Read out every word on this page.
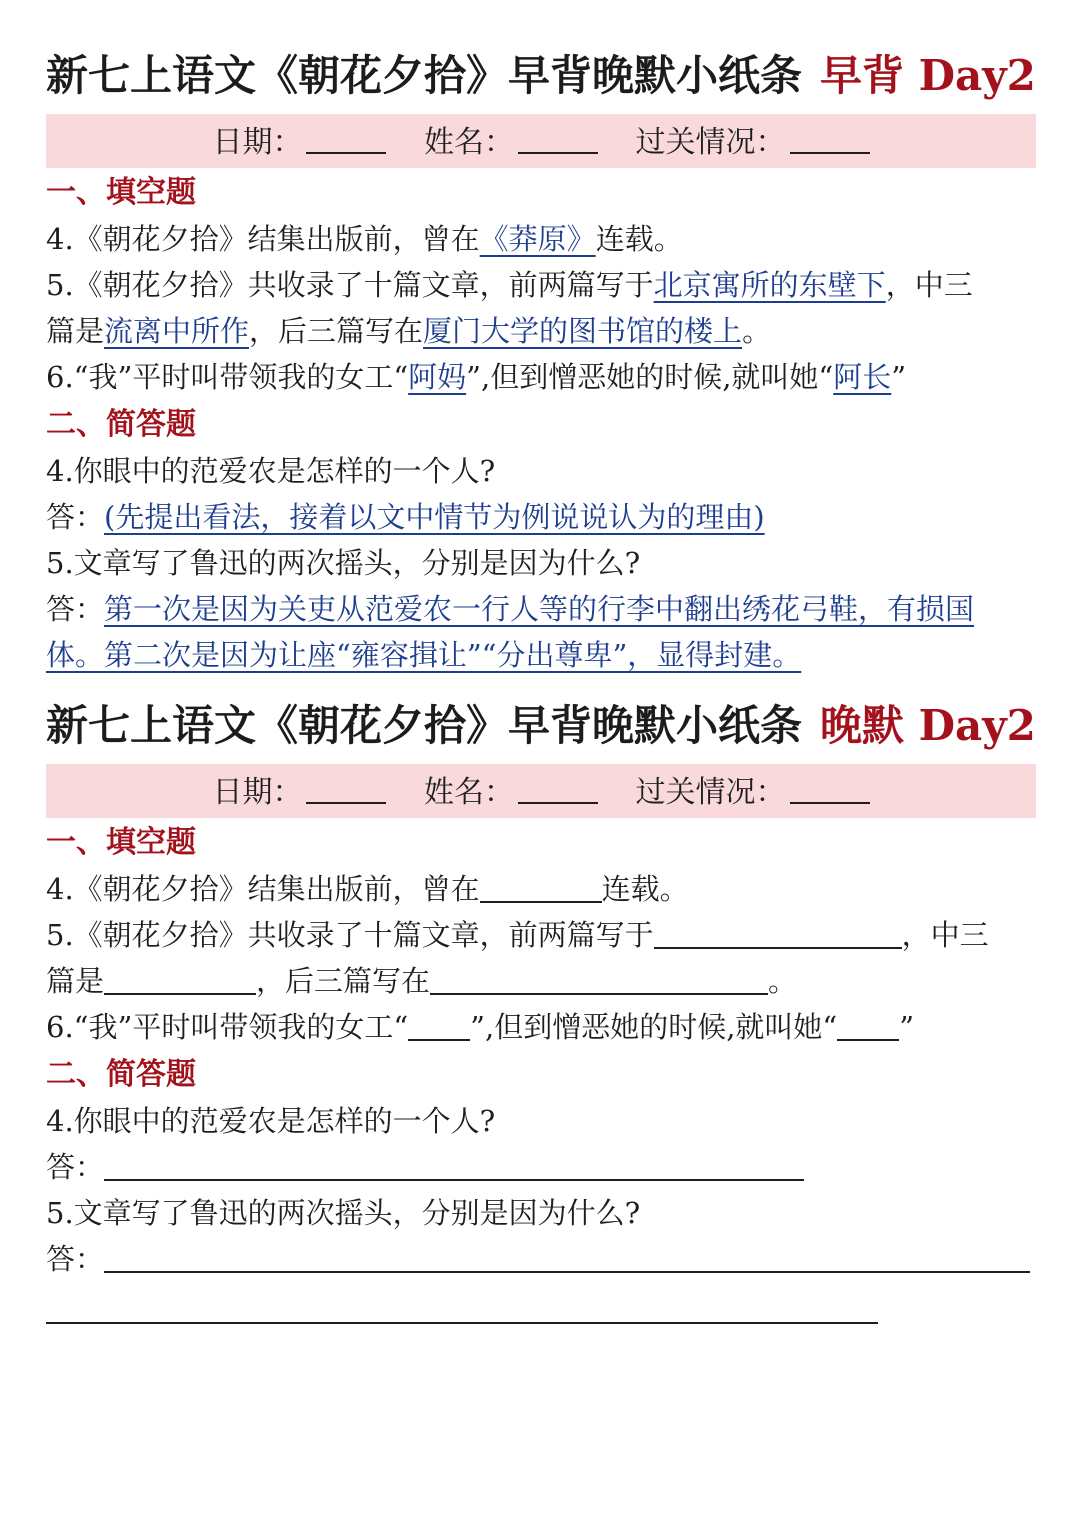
新七上语文《朝花夕拾》早背晚默小纸条 早背 Day2
日期：	姓名：	过关情况：
一、填空题
4.《朝花夕拾》结集出版前，曾在《莽原》连载。
5.《朝花夕拾》共收录了十篇文章，前两篇写于北京寓所的东壁下，中三
篇是流离中所作，后三篇写在厦门大学的图书馆的楼上。
6.“我”平时叫带领我的女工“阿妈”,但到憎恶她的时候,就叫她“阿长”
二、简答题
4.你眼中的范爱农是怎样的一个人?
答：(先提出看法，接着以文中情节为例说说认为的理由)
5.文章写了鲁迅的两次摇头，分别是因为什么?
答：第一次是因为关吏从范爱农一行人等的行李中翻出绣花弓鞋，有损国
体。第二次是因为让座“雍容揖让”“分出尊卑”，显得封建。
新七上语文《朝花夕拾》早背晚默小纸条 晚默 Day2
日期：	姓名：	过关情况：
一、填空题
4.《朝花夕拾》结集出版前，曾在	连载。
5.《朝花夕拾》共收录了十篇文章，前两篇写于	，中三
篇是	，后三篇写在	。
6.“我”平时叫带领我的女工“ ”,但到憎恶她的时候,就叫她“ ”
二、简答题
4.你眼中的范爱农是怎样的一个人?
答：
5.文章写了鲁迅的两次摇头，分别是因为什么?
答：
